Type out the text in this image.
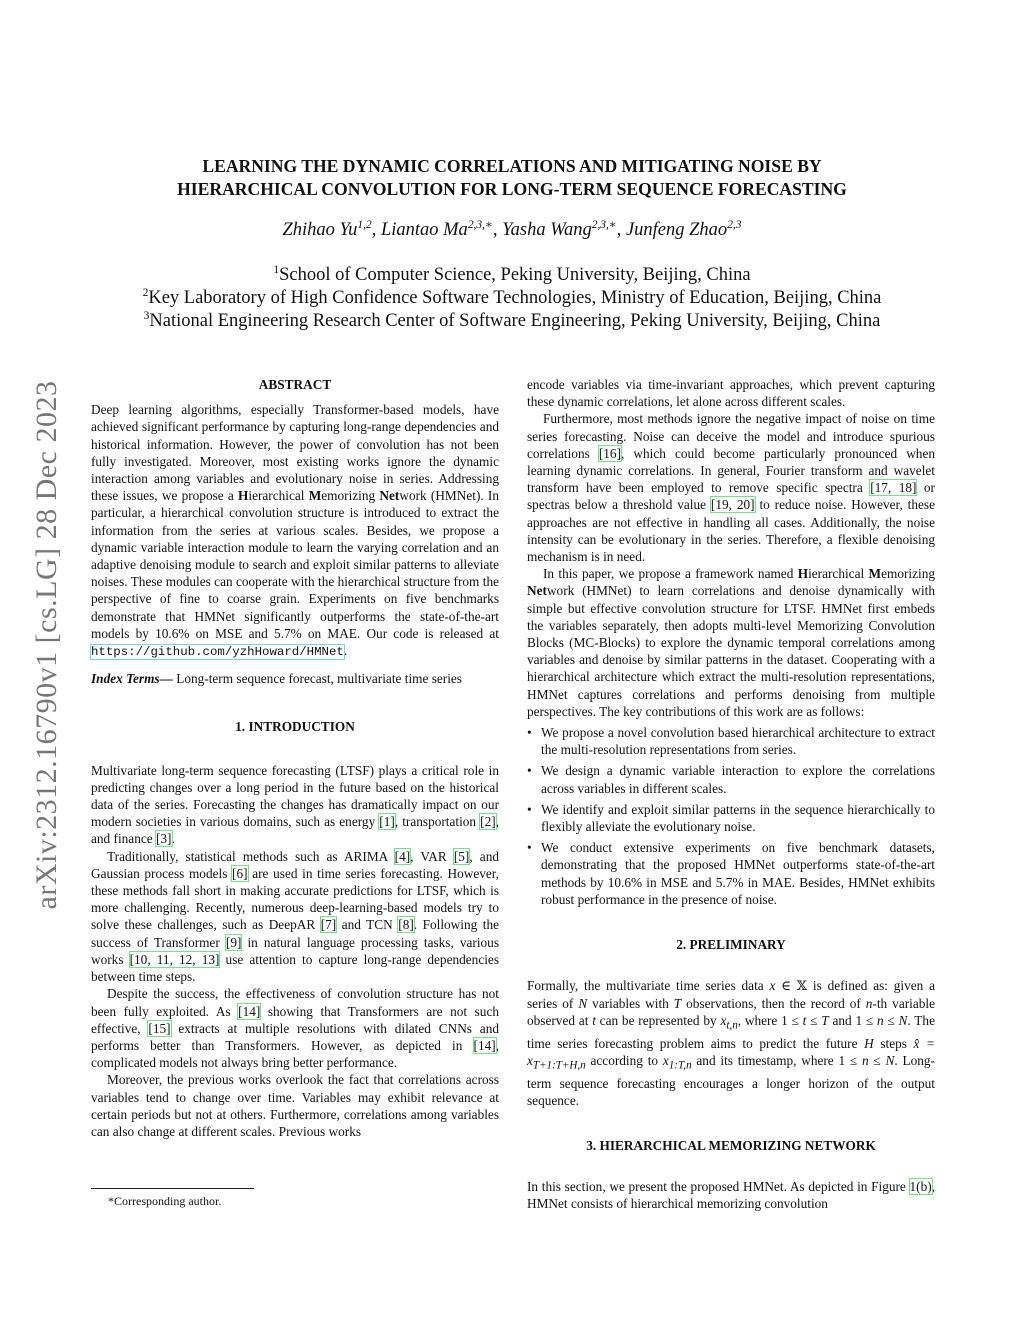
arXiv:2312.16790v1 [cs.LG] 28 Dec 2023
LEARNING THE DYNAMIC CORRELATIONS AND MITIGATING NOISE BY
HIERARCHICAL CONVOLUTION FOR LONG-TERM SEQUENCE FORECASTING
Zhihao Yu$^{1,2}$, Liantao $Ma^{2,3,∗}$, Yasha Wang$^{2,3,∗}$, Junfeng Zhao$^{2,3}$
$^1$School of Computer Science, Peking University, Beijing, China
$^2$Key Laboratory of High Confidence Software Technologies, Ministry of Education, Beijing, China
$^3$National Engineering Research Center of Software Engineering, Peking University, Beijing, China

ABSTRACT

Deep learning algorithms, especially Transformer-based models, have achieved significant performance by capturing long-range dependencies and historical information. However, the power of convolution has not been fully investigated. Moreover, most existing works ignore the dynamic interaction among variables and evolutionary noise in series. Addressing these issues, we propose a Hierarchical Memorizing Network (HMNet). In particular, a hierarchical convolution structure is introduced to extract the information from the series at various scales. Besides, we propose a dynamic variable interaction module to learn the varying correlation and an adaptive denoising module to search and exploit similar patterns to alleviate noises. These modules can cooperate with the hierarchical structure from the perspective of fine to coarse grain. Experiments on five benchmarks demonstrate that HMNet significantly outperforms the state-of-the-art models by 10.6% on MSE and 5.7% on MAE. Our code is released at https://github.com/yzhHoward/HMNet.

Index Terms— Long-term sequence forecast, multivariate time series

1. INTRODUCTION

Multivariate long-term sequence forecasting (LTSF) plays a critical role in predicting changes over a long period in the future based on the historical data of the series. Forecasting the changes has dramatically impact on our modern societies in various domains, such as energy [1], transportation [2], and finance [3].

Traditionally, statistical methods such as ARIMA [4], VAR [5], and Gaussian process models [6] are used in time series forecasting. However, these methods fall short in making accurate predictions for LTSF, which is more challenging. Recently, numerous deep-learning-based models try to solve these challenges, such as DeepAR [7] and TCN [8]. Following the success of Transformer [9] in natural language processing tasks, various works [10, 11, 12, 13] use attention to capture long-range dependencies between time steps.

Despite the success, the effectiveness of convolution structure has not been fully exploited. As [14] showing that Transformers are not such effective, [15] extracts at multiple resolutions with dilated CNNs and performs better than Transformers. However, as depicted in [14], complicated models not always bring better performance.

Moreover, the previous works overlook the fact that correlations across variables tend to change over time. Variables may exhibit relevance at certain periods but not at others. Furthermore, correlations among variables can also change at different scales. Previous works

*Corresponding author.

encode variables via time-invariant approaches, which prevent capturing these dynamic correlations, let alone across different scales.

Furthermore, most methods ignore the negative impact of noise on time series forecasting. Noise can deceive the model and introduce spurious correlations [16], which could become particularly pronounced when learning dynamic correlations. In general, Fourier transform and wavelet transform have been employed to remove specific spectra [17, 18] or spectras below a threshold value [19, 20] to reduce noise. However, these approaches are not effective in handling all cases. Additionally, the noise intensity can be evolutionary in the series. Therefore, a flexible denoising mechanism is in need.

In this paper, we propose a framework named Hierarchical Memorizing Network (HMNet) to learn correlations and denoise dynamically with simple but effective convolution structure for LTSF. HMNet first embeds the variables separately, then adopts multi-level Memorizing Convolution Blocks (MC-Blocks) to explore the dynamic temporal correlations among variables and denoise by similar patterns in the dataset. Cooperating with a hierarchical architecture which extract the multi-resolution representations, HMNet captures correlations and performs denoising from multiple perspectives. The key contributions of this work are as follows:

• We propose a novel convolution based hierarchical architecture to extract the multi-resolution representations from series.
• We design a dynamic variable interaction to explore the correlations across variables in different scales.
• We identify and exploit similar patterns in the sequence hierarchically to flexibly alleviate the evolutionary noise.
• We conduct extensive experiments on five benchmark datasets, demonstrating that the proposed HMNet outperforms state-of-the-art methods by 10.6% in MSE and 5.7% in MAE. Besides, HMNet exhibits robust performance in the presence of noise.

2. PRELIMINARY

Formally, the multivariate time series data x ∈ 𝕏 is defined as: given a series of N variables with T observations, then the record of n-th variable observed at t can be represented by $x_{t,n}$, where 1 ≤ t ≤ T and 1 ≤ n ≤ N. The time series forecasting problem aims to predict the future H steps x̂ = $x_{T+1:T+H,n}$ according to $x_{1:T,n}$ and its timestamp, where 1 ≤ n ≤ N. Long-term sequence forecasting encourages a longer horizon of the output sequence.

3. HIERARCHICAL MEMORIZING NETWORK

In this section, we present the proposed HMNet. As depicted in Figure 1(b), HMNet consists of hierarchical memorizing convolution
